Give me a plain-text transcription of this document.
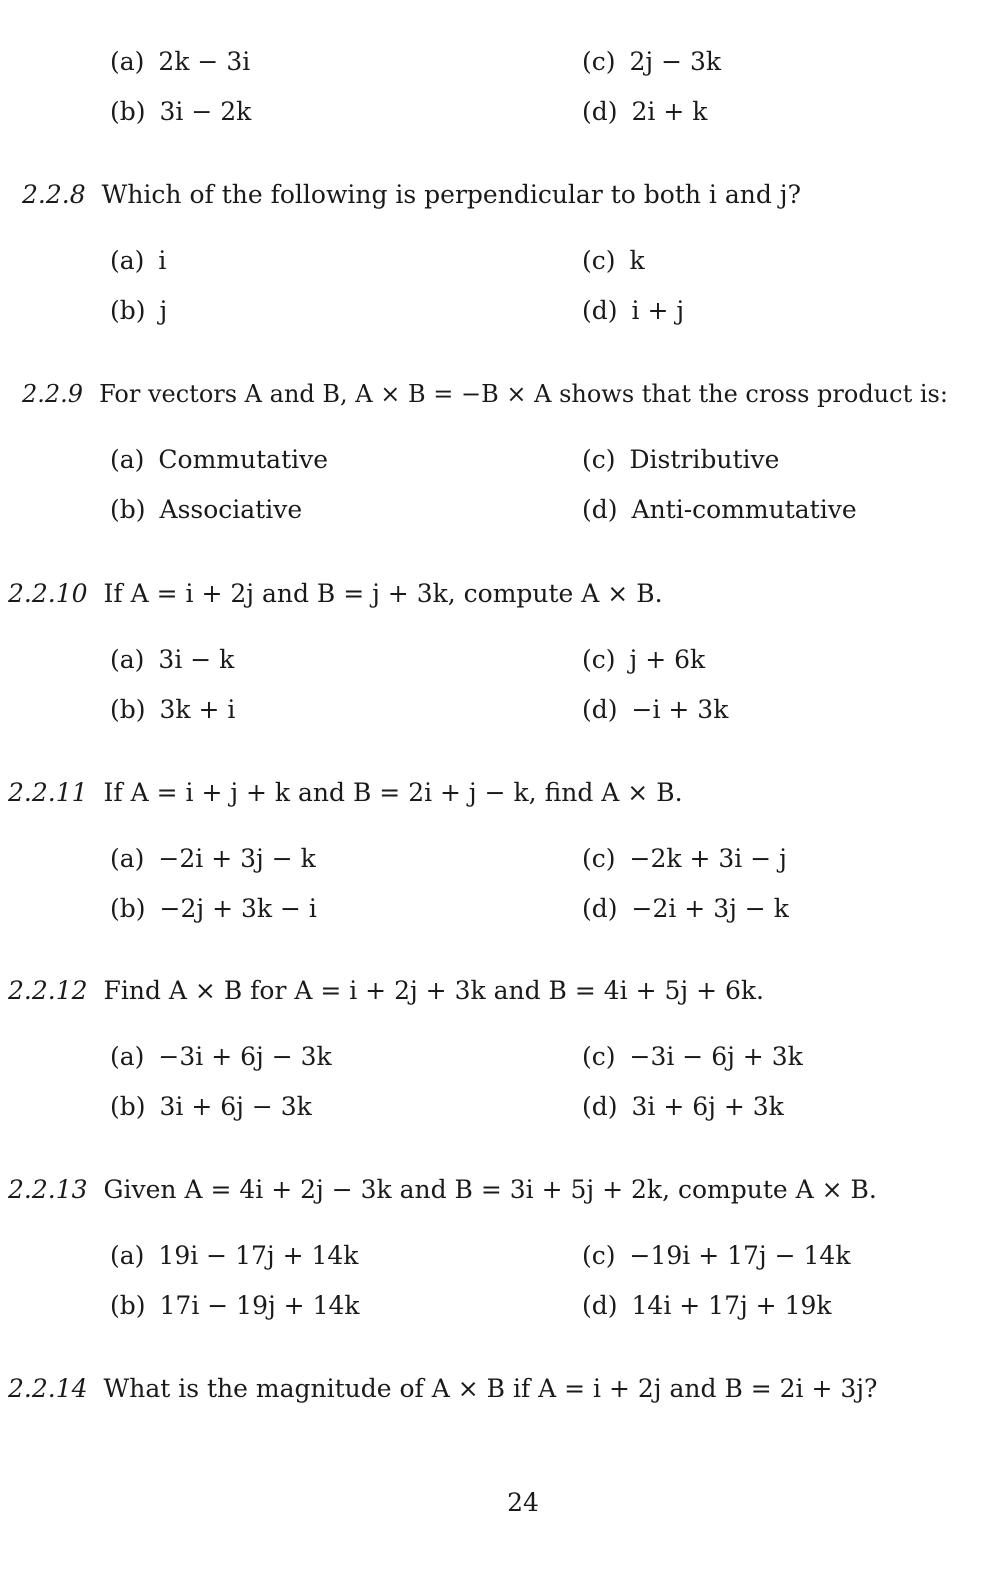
(a) 2k − 3i
(b) 3i − 2k
(c) 2j − 3k
(d) 2i + k
2.2.8 Which of the following is perpendicular to both i and j?
(a) i
(b) j
(c) k
(d) i + j
2.2.9 For vectors A and B, A × B = −B × A shows that the cross product is:
(a) Commutative
(b) Associative
(c) Distributive
(d) Anti-commutative
2.2.10 If A = i + 2j and B = j + 3k, compute A × B.
(a) 3i − k
(b) 3k + i
(c) j + 6k
(d) −i + 3k
2.2.11 If A = i + j + k and B = 2i + j − k, find A × B.
(a) −2i + 3j − k
(b) −2j + 3k − i
(c) −2k + 3i − j
(d) −2i + 3j − k
2.2.12 Find A × B for A = i + 2j + 3k and B = 4i + 5j + 6k.
(a) −3i + 6j − 3k
(b) 3i + 6j − 3k
(c) −3i − 6j + 3k
(d) 3i + 6j + 3k
2.2.13 Given A = 4i + 2j − 3k and B = 3i + 5j + 2k, compute A × B.
(a) 19i − 17j + 14k
(b) 17i − 19j + 14k
(c) −19i + 17j − 14k
(d) 14i + 17j + 19k
2.2.14 What is the magnitude of A × B if A = i + 2j and B = 2i + 3j?
24
